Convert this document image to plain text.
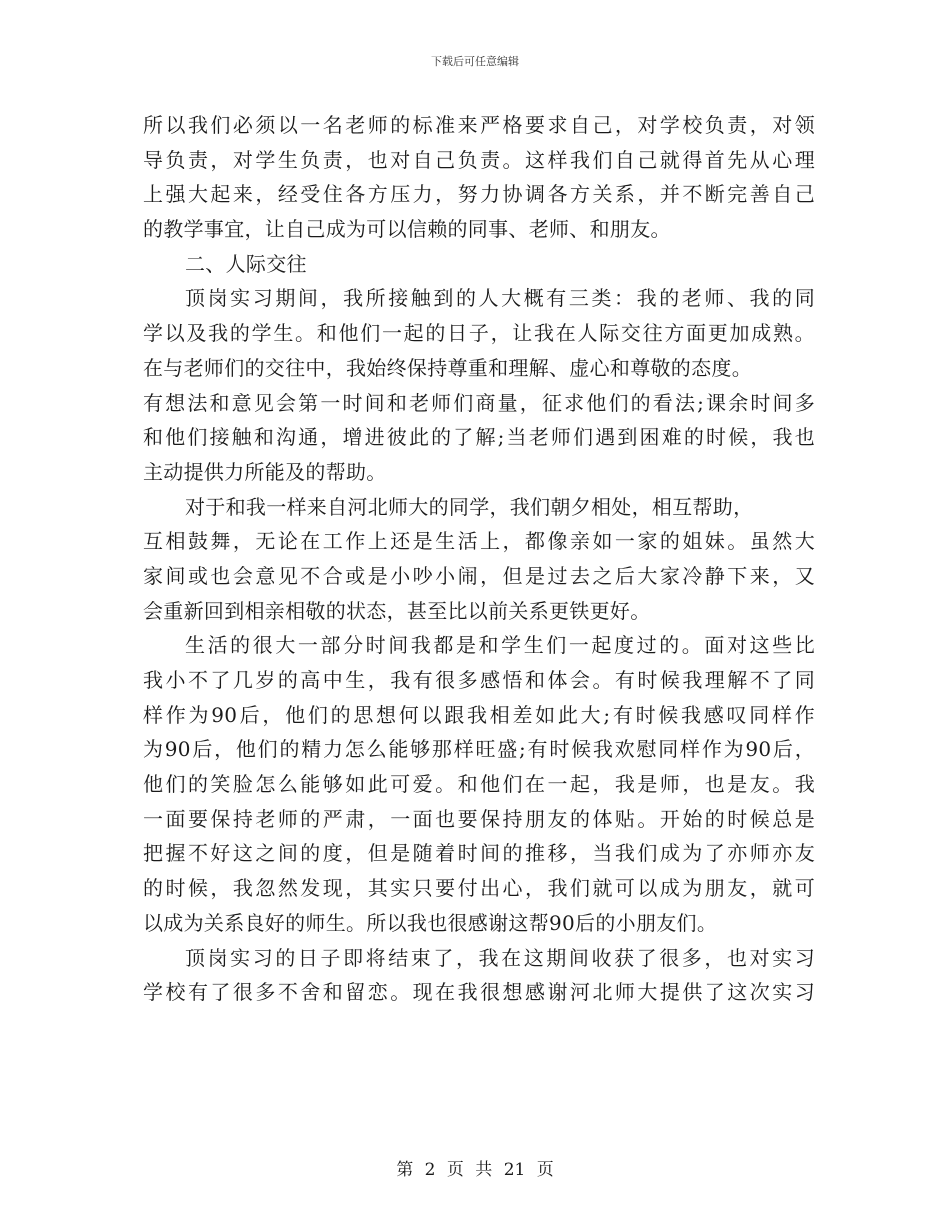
下载后可任意编辑
所以我们必须以一名老师的标准来严格要求自己，对学校负责，对领
导负责，对学生负责，也对自己负责。这样我们自己就得首先从心理
上强大起来，经受住各方压力，努力协调各方关系，并不断完善自己
的教学事宜，让自己成为可以信赖的同事、老师、和朋友。
二、人际交往
顶岗实习期间，我所接触到的人大概有三类：我的老师、我的同
学以及我的学生。和他们一起的日子，让我在人际交往方面更加成熟。
在与老师们的交往中，我始终保持尊重和理解、虚心和尊敬的态度。
有想法和意见会第一时间和老师们商量，征求他们的看法;课余时间多
和他们接触和沟通，增进彼此的了解;当老师们遇到困难的时候，我也
主动提供力所能及的帮助。
对于和我一样来自河北师大的同学，我们朝夕相处，相互帮助，
互相鼓舞，无论在工作上还是生活上，都像亲如一家的姐妹。虽然大
家间或也会意见不合或是小吵小闹，但是过去之后大家冷静下来，又
会重新回到相亲相敬的状态，甚至比以前关系更铁更好。
生活的很大一部分时间我都是和学生们一起度过的。面对这些比
我小不了几岁的高中生，我有很多感悟和体会。有时候我理解不了同
样作为90后，他们的思想何以跟我相差如此大;有时候我感叹同样作
为90后，他们的精力怎么能够那样旺盛;有时候我欢慰同样作为90后，
他们的笑脸怎么能够如此可爱。和他们在一起，我是师，也是友。我
一面要保持老师的严肃，一面也要保持朋友的体贴。开始的时候总是
把握不好这之间的度，但是随着时间的推移，当我们成为了亦师亦友
的时候，我忽然发现，其实只要付出心，我们就可以成为朋友，就可
以成为关系良好的师生。所以我也很感谢这帮90后的小朋友们。
顶岗实习的日子即将结束了，我在这期间收获了很多，也对实习
学校有了很多不舍和留恋。现在我很想感谢河北师大提供了这次实习
第 2 页 共 21 页
